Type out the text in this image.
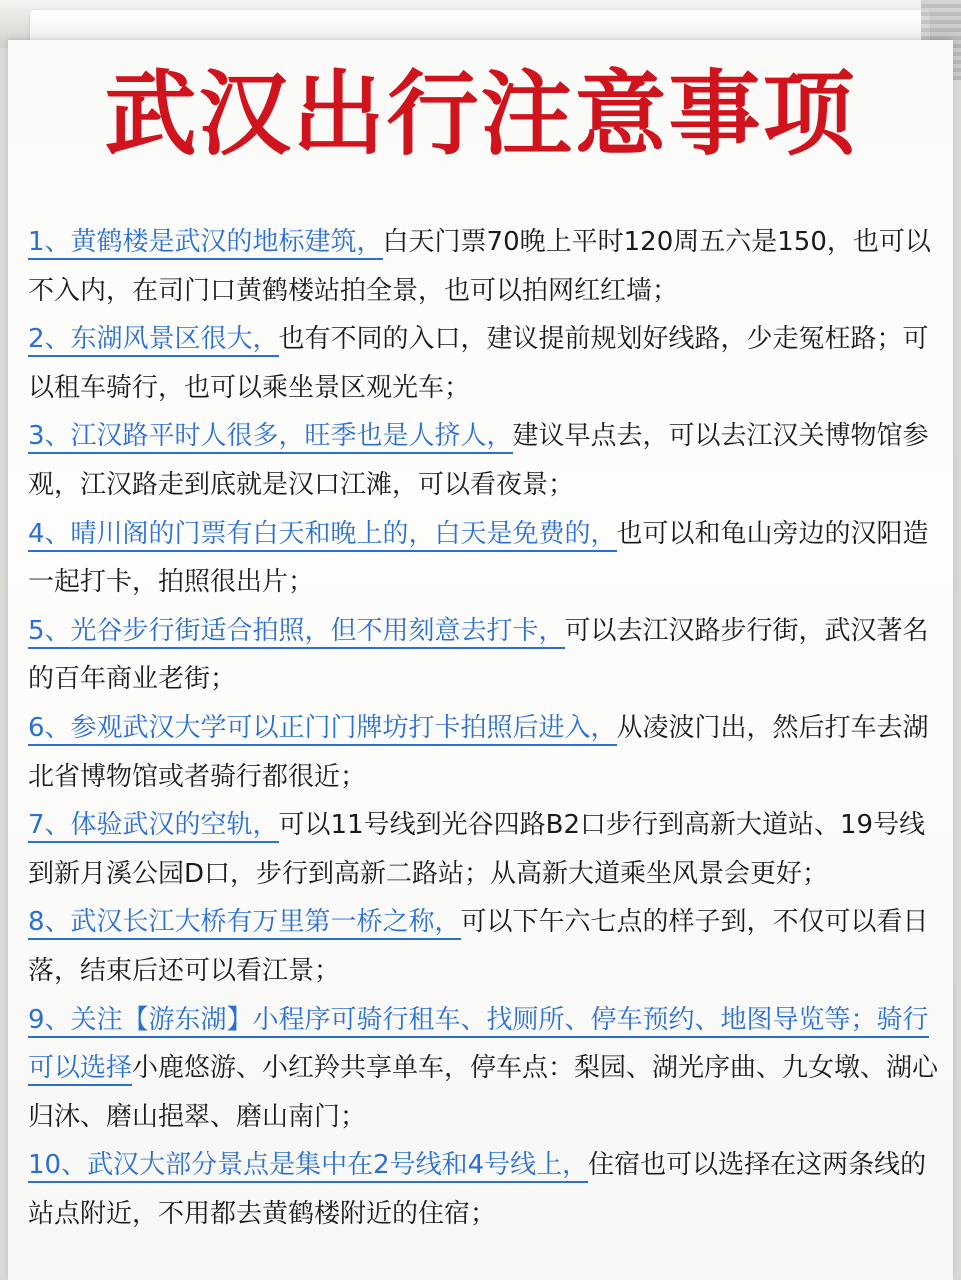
武汉出行注意事项

1、黄鹤楼是武汉的地标建筑，白天门票70晚上平时120周五六是150，也可以不入内，在司门口黄鹤楼站拍全景，也可以拍网红红墙；

2、东湖风景区很大，也有不同的入口，建议提前规划好线路，少走冤枉路；可以租车骑行，也可以乘坐景区观光车；

3、江汉路平时人很多，旺季也是人挤人，建议早点去，可以去江汉关博物馆参观，江汉路走到底就是汉口江滩，可以看夜景；

4、晴川阁的门票有白天和晚上的，白天是免费的，也可以和龟山旁边的汉阳造一起打卡，拍照很出片；

5、光谷步行街适合拍照，但不用刻意去打卡，可以去江汉路步行街，武汉著名的百年商业老街；

6、参观武汉大学可以正门门牌坊打卡拍照后进入，从凌波门出，然后打车去湖北省博物馆或者骑行都很近；

7、体验武汉的空轨，可以11号线到光谷四路B2口步行到高新大道站、19号线到新月溪公园D口，步行到高新二路站；从高新大道乘坐风景会更好；

8、武汉长江大桥有万里第一桥之称，可以下午六七点的样子到，不仅可以看日落，结束后还可以看江景；

9、关注【游东湖】小程序可骑行租车、找厕所、停车预约、地图导览等；骑行可以选择小鹿悠游、小红羚共享单车，停车点：梨园、湖光序曲、九女墩、湖心归沐、磨山挹翠、磨山南门；

10、武汉大部分景点是集中在2号线和4号线上，住宿也可以选择在这两条线的站点附近，不用都去黄鹤楼附近的住宿；
